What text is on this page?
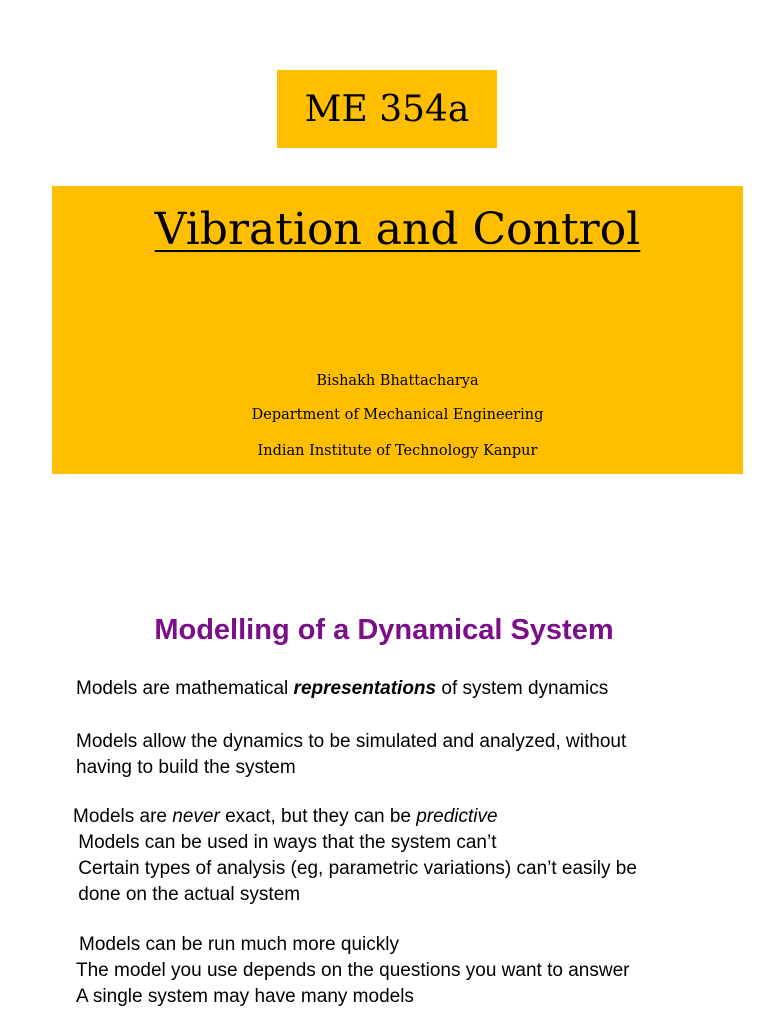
ME 354a
Vibration and Control
Bishakh Bhattacharya
Department of Mechanical Engineering
Indian Institute of Technology Kanpur
Modelling of a Dynamical System
Models are mathematical representations of system dynamics
Models allow the dynamics to be simulated and analyzed, without
having to build the system
Models are never exact, but they can be predictive
Models can be used in ways that the system can’t
Certain types of analysis (eg, parametric variations) can’t easily be
done on the actual system
Models can be run much more quickly
The model you use depends on the questions you want to answer
A single system may have many models
